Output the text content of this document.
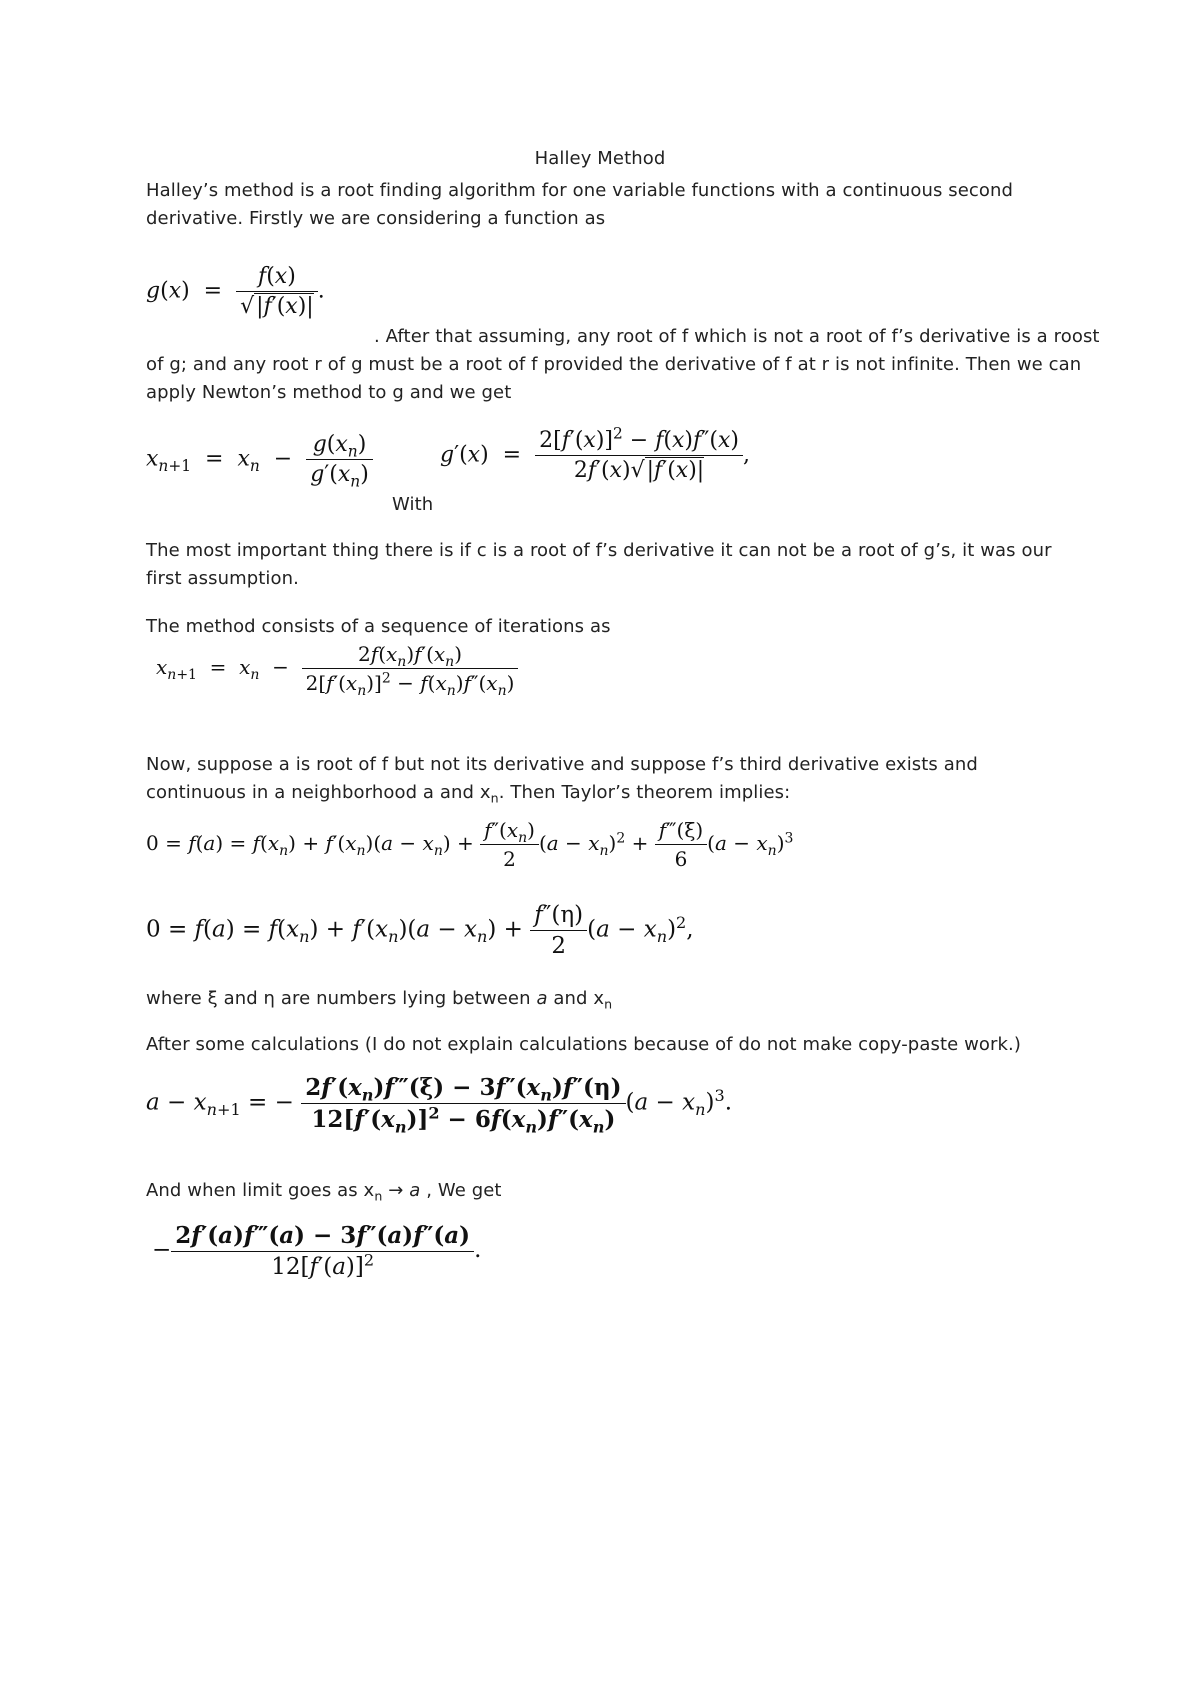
Halley Method
Halley’s method is a root finding algorithm for one variable functions with a continuous second
derivative. Firstly we are considering a function as
$g(x) = \frac{f(x)}{√|f'(x)|}$ .
. After that assuming, any root of f which is not a root of f’s derivative is a roost
of g; and any root r of g must be a root of f provided the derivative of f at r is not infinite. Then we can
apply Newton’s method to g and we get
$x_{n+1} = x_n - \frac{g(x_n)}{g'(x_n)}$
With
$g'(x) = \frac{2[f'(x)]^2 - f(x)f''(x)}{2f'(x)√|f'(x)|}$ ,
The most important thing there is if c is a root of f’s derivative it can not be a root of g’s, it was our
first assumption.
The method consists of a sequence of iterations as
$x_{n+1} = x_n - \frac{2f(x_n)f'(x_n)}{2[f'(x_n)]^2 - f(x_n)f''(x_n)}$
Now, suppose a is root of f but not its derivative and suppose f’s third derivative exists and
continuous in a neighborhood a and $x_n$. Then Taylor’s theorem implies:
$0 = f(a) = f(x_n) + f'(x_n)(a - x_n) + \frac{f''(x_n)}{2} (a - x_n)^2 + \frac{f‴(\xi)}{6} (a - x_n)^3$
$0 = f(a) = f(x_n) + f'(x_n)(a - x_n) + \frac{f''(\eta)}{2} (a - x_n)^2$,
where ξ and η are numbers lying between a and $x_n$
After some calculations (I do not explain calculations because of do not make copy-paste work.)
$a - x_{n+1}$ = − $\frac{2f'(x_n)f‴(\xi) - 3f''(x_n)f''(\eta)}{12[f'(x_n)]^2 - 6f(x_n)f''(x_n)} (a - x_n)^3$.
And when limit goes as $x_n \to a$ , We get
− $\frac{2f'(a)f‴(a) - 3f''(a)f''(a)}{12[f'(a)]^2}$ .
